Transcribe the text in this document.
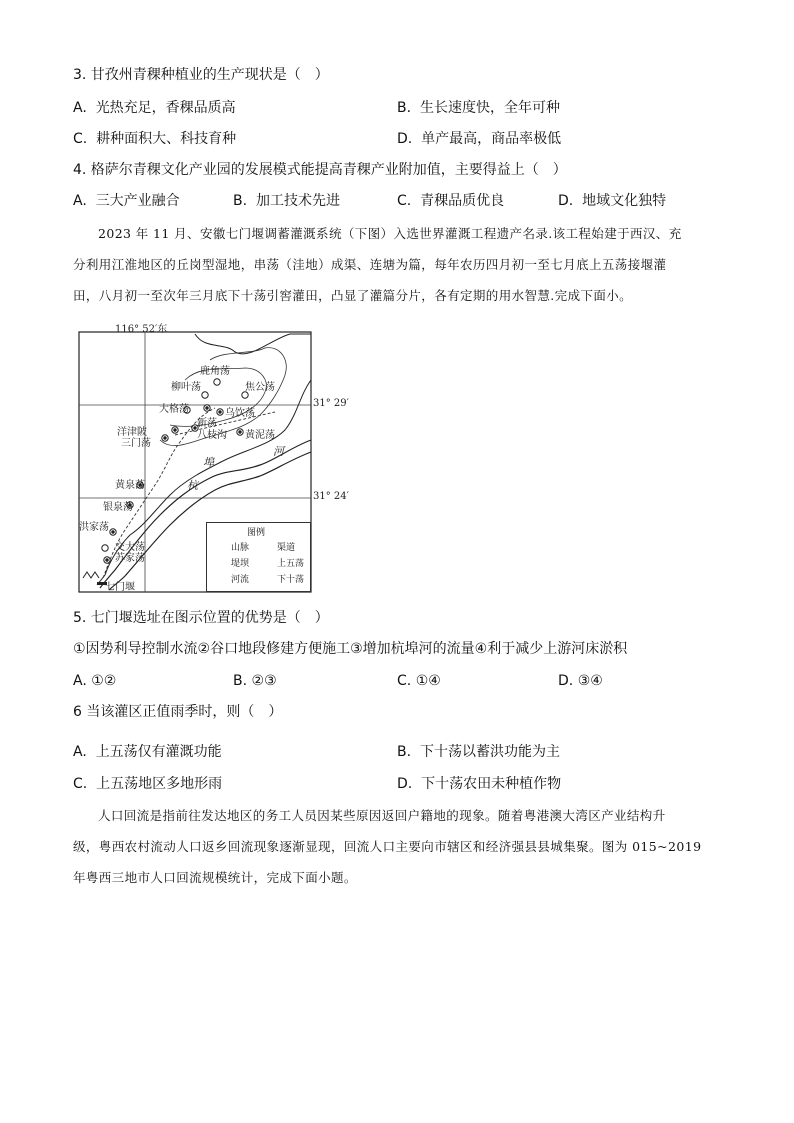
3. 甘孜州青稞种植业的生产现状是（　）
A. 光热充足，香稞品质高	B. 生长速度快，全年可种
C. 耕种面积大、科技育种	D. 单产最高，商品率极低
4. 格萨尔青稞文化产业园的发展模式能提高青稞产业附加值，主要得益上（　）
A. 三大产业融合	B. 加工技术先进	C. 青稞品质优良	D. 地域文化独特
2023 年 11 月、安徽七门堰调蓄灌溉系统（下图）入选世界灌溉工程遗产名录.该工程始建于西汉、充
分利用江淮地区的丘岗型湿地，串荡（洼地）成渠、连塘为篇，每年农历四月初一至七月底上五荡接堰灌
田，八月初一至次年三月底下十荡引窖灌田，凸显了灌篇分片，各有定期的用水智慧.完成下面小。
116° 52′东
31° 29′
31° 24′
鹿角荡
柳叶荡	焦公荡
大格荡
新荡
乌饮荡
洋津陂
三门荡
八枝沟 黄泥荡
黄泉荡
银泉荡
洪家荡
交大荡
苏家荡
七门堰
杭
埠
河
图例
山脉	渠道
堤坝	上五荡
河流	下十荡
5. 七门堰选址在图示位置的优势是（　）
①因势利导控制水流②谷口地段修建方便施工③增加杭埠河的流量④利于减少上游河床淤积
A. ①②	B. ②③	C. ①④	D. ③④
6 当该灌区正值雨季时，则（　）
A. 上五荡仅有灌溉功能	B. 下十荡以蓄洪功能为主
C. 上五荡地区多地形雨	D. 下十荡农田未种植作物
人口回流是指前往发达地区的务工人员因某些原因返回户籍地的现象。随着粤港澳大湾区产业结构升
级，粤西农村流动人口返乡回流现象逐渐显现，回流人口主要向市辖区和经济强县县城集聚。图为 015~2019
年粤西三地市人口回流规模统计，完成下面小题。
